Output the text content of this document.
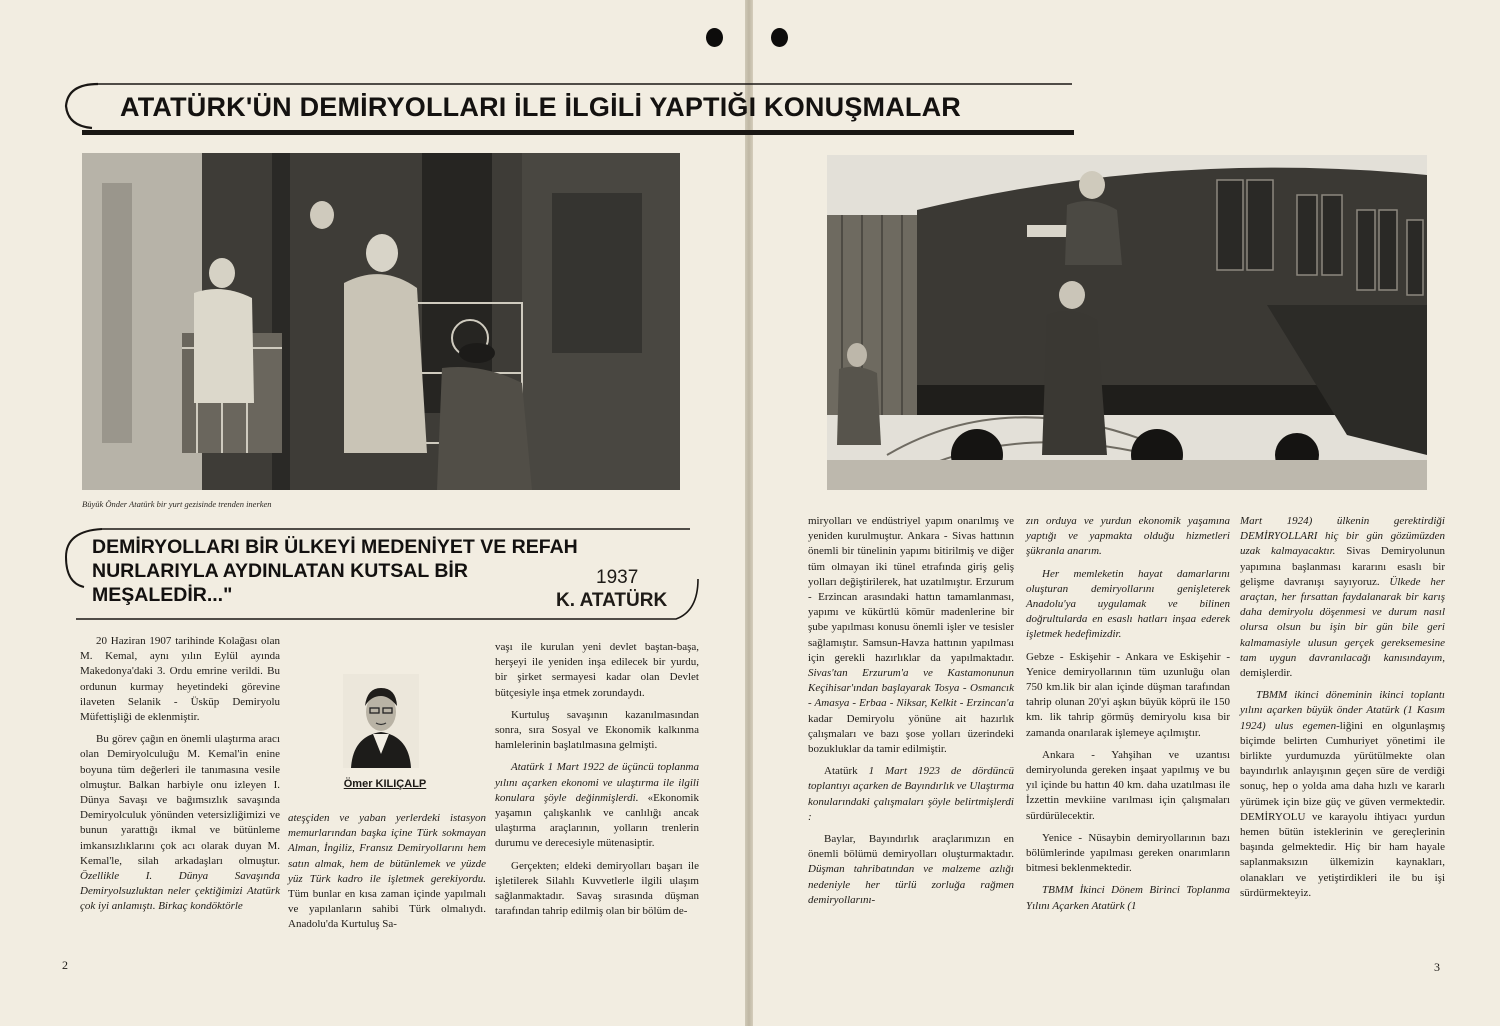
ATATÜRK'ÜN DEMİRYOLLARI İLE İLGİLİ YAPTIĞI KONUŞMALAR
Büyük Önder Atatürk bir yurt gezisinde trenden inerken
DEMİRYOLLARI BİR ÜLKEYİ MEDENİYET VE REFAH
NURLARIYLA AYDINLATAN KUTSAL BİR
MEŞALEDİR..."
1937
K. ATATÜRK

20 Haziran 1907 tarihinde Kolağası olan M. Kemal, aynı yılın Eylül ayında Makedonya'daki 3. Ordu emrine verildi. Bu ordunun kurmay heyetindeki görevine ilaveten Selanik - Üsküp Demiryolu Müfettişliği de eklenmiştir.

Bu görev çağın en önemli ulaştırma aracı olan Demiryolculuğu M. Kemal'in enine boyuna tüm değerleri ile tanımasına vesile olmuştur. Balkan harbiyle onu izleyen I. Dünya Savaşı ve bağımsızlık savaşında Demiryolculuk yönünden vetersizliğimizi ve bunun yarattığı ikmal ve bütünleme imkansızlıklarını çok acı olarak duyan M. Kemal'le, silah arkadaşları olmuştur. Özellikle I. Dünya Savaşında Demiryolsuzluktan neler çektiğimizi Atatürk çok iyi anlamıştı. Birkaç kondöktörle

Ömer KILIÇALP

ateşçiden ve yaban yerlerdeki istasyon memurlarından başka içine Türk sokmayan Alman, İngiliz, Fransız Demiryollarını hem satın almak, hem de bütünlemek ve yüzde yüz Türk kadro ile işletmek gerekiyordu. Tüm bunlar en kısa zaman içinde yapılmalı ve yapılanların sahibi Türk olmalıydı. Anadolu'da Kurtuluş Sa-

vaşı ile kurulan yeni devlet baştan-başa, herşeyi ile yeniden inşa edilecek bir yurdu, bir şirket sermayesi kadar olan Devlet bütçesiyle inşa etmek zorundaydı.

Kurtuluş savaşının kazanılmasından sonra, sıra Sosyal ve Ekonomik kalkınma hamlelerinin başlatılmasına gelmişti.

Atatürk 1 Mart 1922 de üçüncü toplanma yılını açarken ekonomi ve ulaştırma ile ilgili konulara şöyle değinmişlerdi. «Ekonomik yaşamın çalışkanlık ve canlılığı ancak ulaştırma araçlarının, yolların trenlerin durumu ve derecesiyle mütenasiptir.

Gerçekten; eldeki demiryolları başarı ile işletilerek Silahlı Kuvvetlerle ilgili ulaşım sağlanmaktadır. Savaş sırasında düşman tarafından tahrip edilmiş olan bir bölüm de-

2

miryolları ve endüstriyel yapım onarılmış ve yeniden kurulmuştur. Ankara - Sivas hattının önemli bir tünelinin yapımı bitirilmiş ve diğer tüm olmayan iki tünel etrafında giriş geliş yolları değiştirilerek, hat uzatılmıştır. Erzurum - Erzincan arasındaki hattın tamamlanması, yapımı ve kükürtlü kömür madenlerine bir şube yapılması konusu önemli işler ve tesisler sağlamıştır. Samsun-Havza hattının yapılması için gerekli hazırlıklar da yapılmaktadır. Sivas'tan Erzurum'a ve Kastamonunun Keçihisar'ından başlayarak Tosya - Osmancık - Amasya - Erbaa - Niksar, Kelkit - Erzincan'a kadar Demiryolu yönüne ait hazırlık çalışmaları ve bazı şose yolları üzerindeki bozukluklar da tamir edilmiştir.

Atatürk 1 Mart 1923 de dördüncü toplantıyı açarken de Bayındırlık ve Ulaştırma konularındaki çalışmaları şöyle belirtmişlerdi :

Baylar, Bayındırlık araçlarımızın en önemli bölümü demiryolları oluşturmaktadır. Düşman tahribatından ve malzeme azlığı nedeniyle her türlü zorluğa rağmen demiryollarını-

zın orduya ve yurdun ekonomik yaşamına yaptığı ve yapmakta olduğu hizmetleri şükranla anarım.

Her memleketin hayat damarlarını oluşturan demiryollarını genişleterek Anadolu'ya uygulamak ve bilinen doğrultularda en esaslı hatları inşaa ederek işletmek hedefimizdir.

Gebze - Eskişehir - Ankara ve Eskişehir - Yenice demiryollarının tüm uzunluğu olan 750 km.lik bir alan içinde düşman tarafından tahrip olunan 20'yi aşkın büyük köprü ile 150 km. lik tahrip görmüş demiryolu kısa bir zamanda onarılarak işlemeye açılmıştır.

Ankara - Yahşihan ve uzantısı demiryolunda gereken inşaat yapılmış ve bu yıl içinde bu hattın 40 km. daha uzatılması ile İzzettin mevkiine varılması için çalışmaları sürdürülecektir.

Yenice - Nüsaybin demiryollarının bazı bölümlerinde yapılması gereken onarımların bitmesi beklenmektedir.

TBMM İkinci Dönem Birinci Toplanma Yılını Açarken Atatürk (1

Mart 1924) ülkenin gerektirdiği DEMİRYOLLARI hiç bir gün gözümüzden uzak kalmayacaktır. Sivas Demiryolunun yapımına başlanması kararını esaslı bir gelişme davranışı sayıyoruz. Ülkede her araçtan, her fırsattan faydalanarak bir karış daha demiryolu döşenmesi ve durum nasıl olursa olsun bu işin bir gün bile geri kalmamasiyle ulusun gerçek gereksemesine tam uygun davranılacağı kanısındayım, demişlerdir.

TBMM ikinci döneminin ikinci toplantı yılını açarken büyük önder Atatürk (1 Kasım 1924) ulus egemen-liğini en olgunlaşmış biçimde belirten Cumhuriyet yönetimi ile birlikte yurdumuzda yürütülmekte olan bayındırlık anlayışının geçen süre de verdiği sonuç, hep o yolda ama daha hızlı ve kararlı yürümek için bize güç ve güven vermektedir. DEMİRYOLU ve karayolu ihtiyacı yurdun hemen bütün isteklerinin ve gereçlerinin başında gelmektedir. Hiç bir ham hayale saplanmaksızın ülkemizin kaynakları, olanakları ve yetiştirdikleri ile bu işi sürdürmekteyiz.

3
